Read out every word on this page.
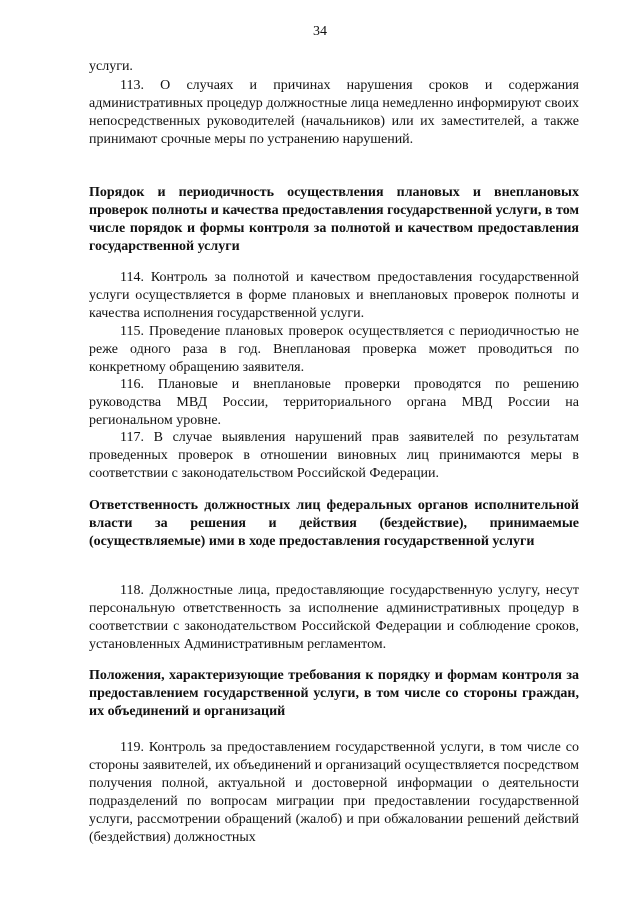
34

услуги.

113. О случаях и причинах нарушения сроков и содержания административных процедур должностные лица немедленно информируют своих непосредственных руководителей (начальников) или их заместителей, а также принимают срочные меры по устранению нарушений.

Порядок и периодичность осуществления плановых и внеплановых проверок полноты и качества предоставления государственной услуги, в том числе порядок и формы контроля за полнотой и качеством предоставления государственной услуги

114. Контроль за полнотой и качеством предоставления государственной услуги осуществляется в форме плановых и внеплановых проверок полноты и качества исполнения государственной услуги.

115. Проведение плановых проверок осуществляется с периодичностью не реже одного раза в год. Внеплановая проверка может проводиться по конкретному обращению заявителя.

116. Плановые и внеплановые проверки проводятся по решению руководства МВД России, территориального органа МВД России на региональном уровне.

117. В случае выявления нарушений прав заявителей по результатам проведенных проверок в отношении виновных лиц принимаются меры в соответствии с законодательством Российской Федерации.

Ответственность должностных лиц федеральных органов исполнительной власти за решения и действия (бездействие), принимаемые (осуществляемые) ими в ходе предоставления государственной услуги

118. Должностные лица, предоставляющие государственную услугу, несут персональную ответственность за исполнение административных процедур в соответствии с законодательством Российской Федерации и соблюдение сроков, установленных Административным регламентом.

Положения, характеризующие требования к порядку и формам контроля за предоставлением государственной услуги, в том числе со стороны граждан, их объединений и организаций

119. Контроль за предоставлением государственной услуги, в том числе со стороны заявителей, их объединений и организаций осуществляется посредством получения полной, актуальной и достоверной информации о деятельности подразделений по вопросам миграции при предоставлении государственной услуги, рассмотрении обращений (жалоб) и при обжаловании решений действий (бездействия) должностных
